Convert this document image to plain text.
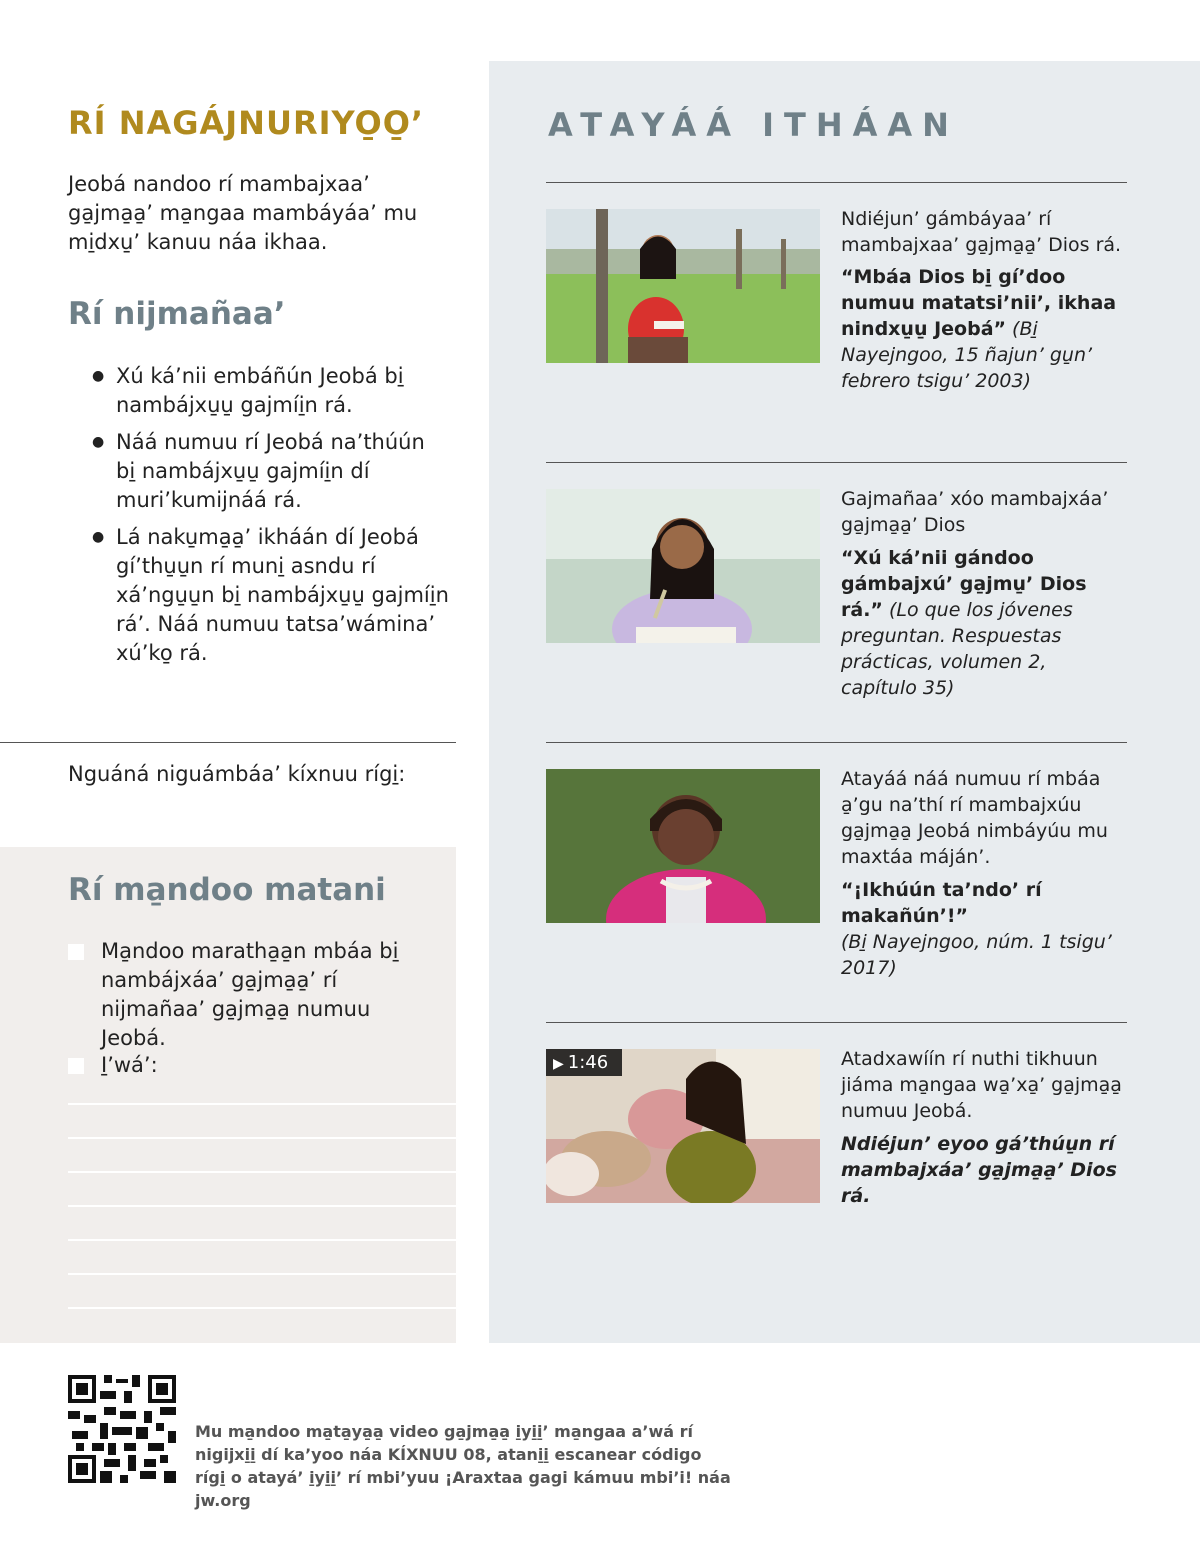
RÍ NAGÁJNURIYO̱O̱’

Jeobá nandoo rí mambajxaa’ ga̱jma̱a̱’ ma̱ngaa mambáyáa’ mu mi̱dxu̱’ kanuu náa ikhaa.

Rí nijmañaa’
● Xú ká’nii embáñún Jeobá bi̱ nambájxu̱u̱ gajmíi̱n rá.
● Náá numuu rí Jeobá na’thúún bi̱ nambájxu̱u̱ gajmíi̱n dí muri’kumijnáá rá.
● Lá naku̱ma̱a̱’ ikháán dí Jeobá gí’thu̱u̱n rí muni̱ asndu rí xá’ngu̱u̱n bi̱ nambájxu̱u̱ gajmíi̱n rá’. Náá numuu tatsa’wámina’ xú’ko̱ rá.

Nguáná niguámbáa’ kíxnuu rígi̱:

Rí ma̱ndoo matani

Ma̱ndoo maratha̱a̱n mbáa bi̱ nambájxáa’ ga̱jma̱a̱’ rí nijmañaa’ ga̱jma̱a̱ numuu Jeobá.

I̱’wá’:

ATAYÁÁ ITHÁAN

Ndiéjun’ gámbáyaa’ rí mambajxaa’ ga̱jma̱a̱’ Dios rá.

“Mbáa Dios bi̱ gí’doo numuu matatsi’nii’, ikhaa nindxu̱u̱ Jeobá” (Bi̱ Nayejngoo, 15 ñajun’ gu̱n’ febrero tsigu’ 2003)

Gajmañaa’ xóo mambajxáa’ ga̱jma̱a̱’ Dios

“Xú ká’nii gándoo gámbajxú’ ga̱jmu̱’ Dios rá.” (Lo que los jóvenes preguntan. Respuestas prácticas, volumen 2, capítulo 35)

Atayáá náá numuu rí mbáa a̱’gu na’thí rí mambajxúu ga̱jma̱a̱ Jeobá nimbáyúu mu maxtáa máján’.

“¡Ikhúún ta’ndo’ rí makañún’!”
(Bi̱ Nayejngoo, núm. 1 tsigu’ 2017)

▶ 1:46	Atadxawíín rí nuthi tikhuun jiáma ma̱ngaa wa̱’xa̱’ ga̱jma̱a̱ numuu Jeobá.

Ndiéjun’ eyoo gá’thúu̱n rí mambajxáa’ ga̱jma̱a̱’ Dios rá.

Mu ma̱ndoo ma̱ta̱ya̱a̱ video ga̱jma̱a̱ i̱yi̱i̱’ ma̱ngaa a’wá rí nigijxi̱i̱ dí ka’yoo náa KÍXNUU 08, atani̱i̱ escanear código rígi̱ o atayá’ i̱yi̱i̱’ rí mbi’yuu ¡Araxtaa gagi kámuu mbi’i! náa jw.org
